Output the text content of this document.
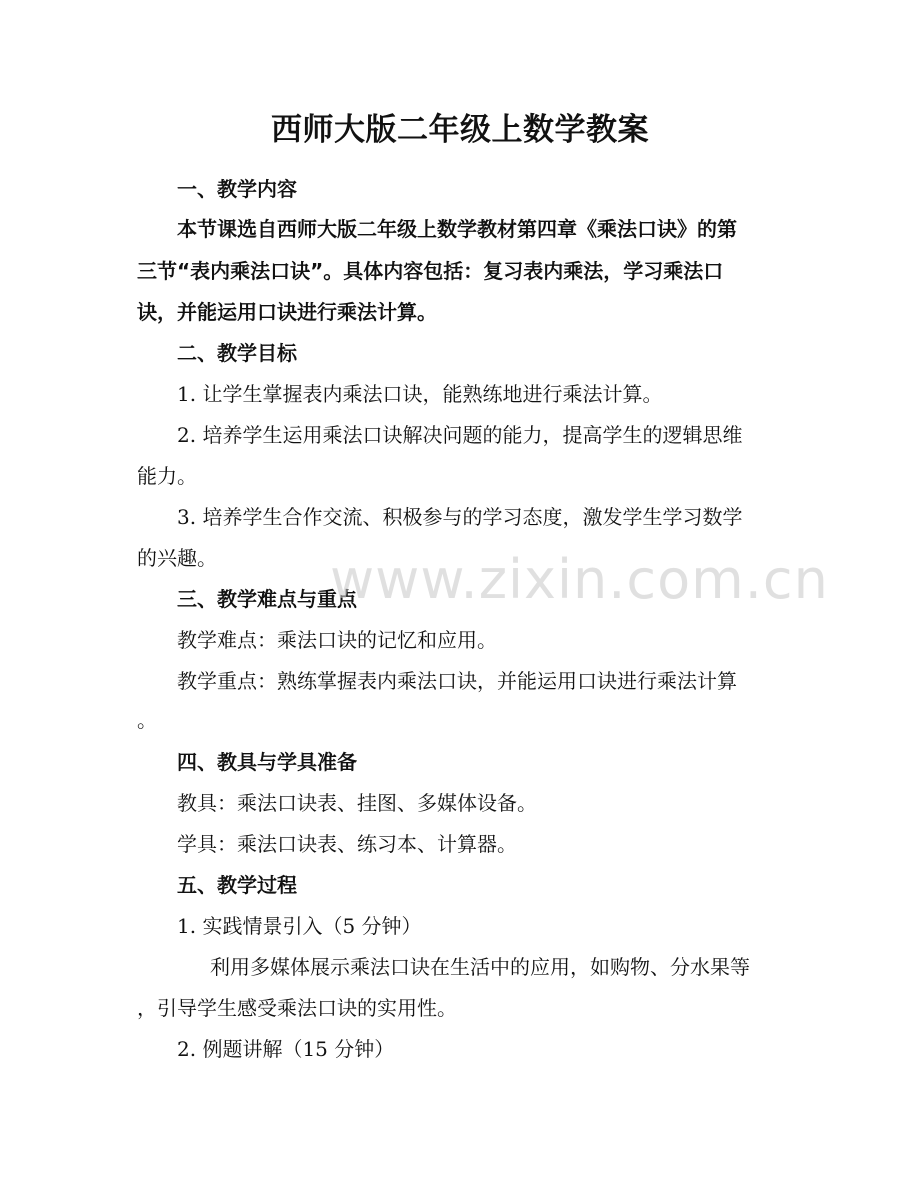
西师大版二年级上数学教案
一、教学内容
本节课选自西师大版二年级上数学教材第四章《乘法口诀》的第
三节“表内乘法口诀”。具体内容包括：复习表内乘法，学习乘法口
诀，并能运用口诀进行乘法计算。
二、教学目标
1. 让学生掌握表内乘法口诀，能熟练地进行乘法计算。
2. 培养学生运用乘法口诀解决问题的能力，提高学生的逻辑思维
能力。
3. 培养学生合作交流、积极参与的学习态度，激发学生学习数学
的兴趣。
三、教学难点与重点
教学难点：乘法口诀的记忆和应用。
教学重点：熟练掌握表内乘法口诀，并能运用口诀进行乘法计算
。
四、教具与学具准备
教具：乘法口诀表、挂图、多媒体设备。
学具：乘法口诀表、练习本、计算器。
五、教学过程
1. 实践情景引入（5 分钟）
利用多媒体展示乘法口诀在生活中的应用，如购物、分水果等
，引导学生感受乘法口诀的实用性。
2. 例题讲解（15 分钟）
www.zixin.com.cn
